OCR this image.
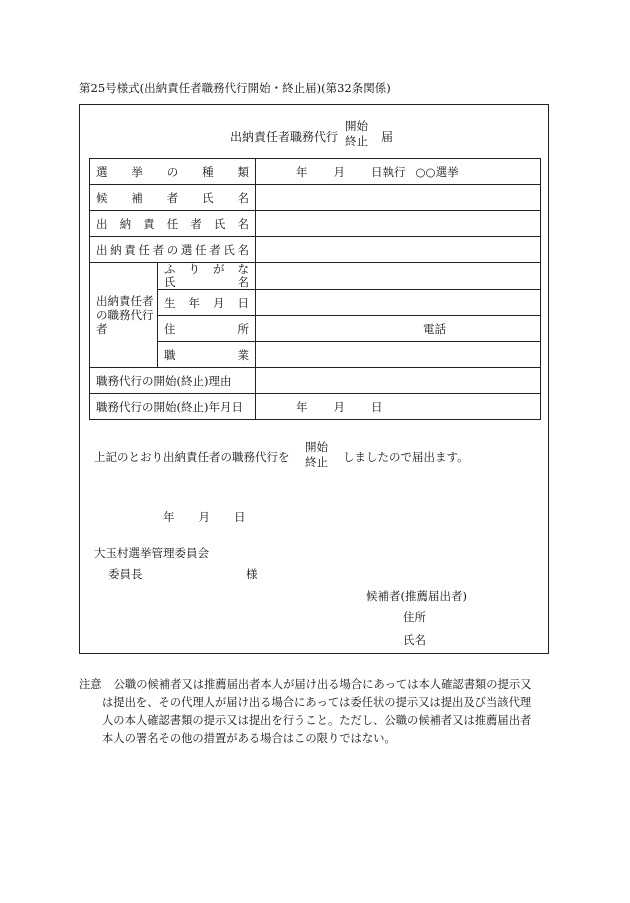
第25号様式(出納責任者職務代行開始・終止届)(第32条関係)
出納責任者職務代行
開始
終止 届
選挙の種類		年 月 日執行 ○○選挙
候補者氏名		
出納責任者氏名		
出納責任者の選任者氏名		

出納責任者の職務代行者	ふりがな
氏名	

	生年月日	
	住所	電話

	職業	
職務代行の開始(終止)理由		
職務代行の開始(終止)年月日		年 月 日
上記のとおり出納責任者の職務代行を
開始
終止 しましたので届出ます。
年 月 日
大玉村選挙管理委員会
委員長	様
候補者(推薦届出者)
住所
氏名
注意 公職の候補者又は推薦届出者本人が届け出る場合にあっては本人確認書類の提示又
は提出を、その代理人が届け出る場合にあっては委任状の提示又は提出及び当該代理
人の本人確認書類の提示又は提出を行うこと。ただし、公職の候補者又は推薦届出者
本人の署名その他の措置がある場合はこの限りではない。
